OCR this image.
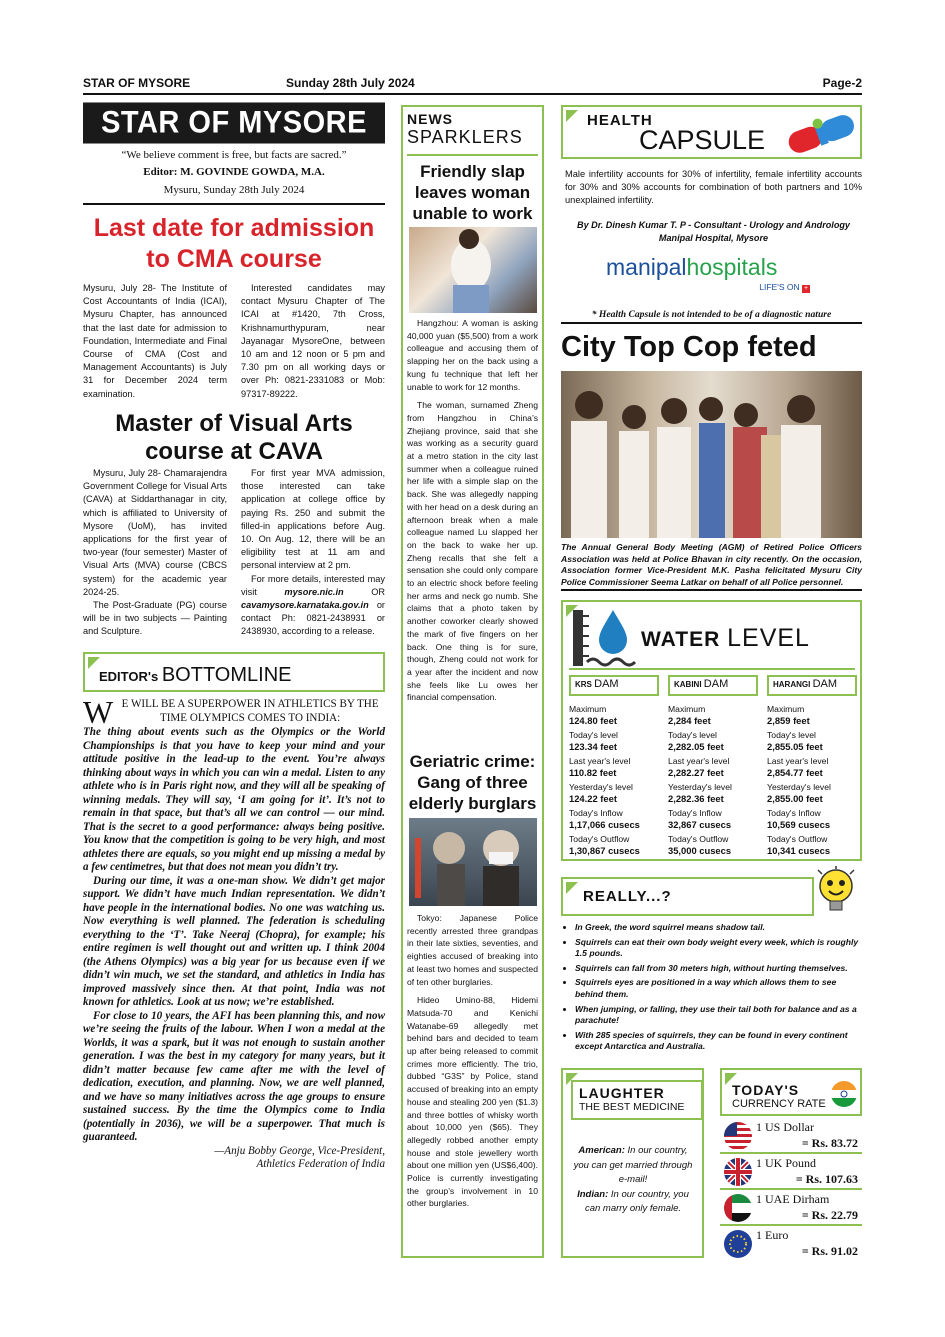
STAR OF MYSORE	Sunday 28th July 2024	Page-2
STAR OF MYSORE
“We believe comment is free, but facts are sacred.”
Editor: M. GOVINDE GOWDA, M.A.
Mysuru, Sunday 28th July 2024
Last date for admission
to CMA course

Mysuru, July 28- The Institute of Cost Accountants of India (ICAI), Mysuru Chapter, has announced that the last date for admission to Foundation, Intermediate and Final Course of CMA (Cost and Management Accountants) is July 31 for December 2024 term examination.

Interested candidates may contact Mysuru Chapter of The ICAI at #1420, 7th Cross, Krishnamurthypuram, near Jayanagar MysoreOne, between 10 am and 12 noon or 5 pm and 7.30 pm on all working days or over Ph: 0821-2331083 or Mob: 97317-89222.

Master of Visual Arts
course at CAVA

Mysuru, July 28- Chamarajendra Government College for Visual Arts (CAVA) at Siddarthanagar in city, which is affiliated to University of Mysore (UoM), has invited applications for the first year of two-year (four semester) Master of Visual Arts (MVA) course (CBCS system) for the academic year 2024-25.

The Post-Graduate (PG) course will be in two subjects — Painting and Sculpture.

For first year MVA admission, those interested can take application at college office by paying Rs. 250 and submit the filled-in applications before Aug. 10. On Aug. 12, there will be an eligibility test at 11 am and personal interview at 2 pm.

For more details, interested may visit mysore.nic.in OR cavamysore.karnataka.gov.in or contact Ph: 0821-2438931 or 2438930, according to a release.

EDITOR's BOTTOMLINE

W E WILL BE A SUPERPOWER IN ATHLETICS BY THE TIME OLYMPICS COMES TO INDIA:

The thing about events such as the Olympics or the World Championships is that you have to keep your mind and your attitude positive in the lead-up to the event. You’re always thinking about ways in which you can win a medal. Listen to any athlete who is in Paris right now, and they will all be speaking of winning medals. They will say, ‘I am going for it’. It’s not to remain in that space, but that’s all we can control — our mind. That is the secret to a good performance: always being positive. You know that the competition is going to be very high, and most athletes there are equals, so you might end up missing a medal by a few centimetres, but that does not mean you didn’t try.

During our time, it was a one-man show. We didn’t get major support. We didn’t have much Indian representation. We didn’t have people in the international bodies. No one was watching us. Now everything is well planned. The federation is scheduling everything to the ‘T’. Take Neeraj (Chopra), for example; his entire regimen is well thought out and written up. I think 2004 (the Athens Olympics) was a big year for us because even if we didn’t win much, we set the standard, and athletics in India has improved massively since then. At that point, India was not known for athletics. Look at us now; we’re established.

For close to 10 years, the AFI has been planning this, and now we’re seeing the fruits of the labour. When I won a medal at the Worlds, it was a spark, but it was not enough to sustain another generation. I was the best in my category for many years, but it didn’t matter because few came after me with the level of dedication, execution, and planning. Now, we are well planned, and we have so many initiatives across the age groups to ensure sustained success. By the time the Olympics come to India (potentially in 2036), we will be a superpower. That much is guaranteed.

—Anju Bobby George, Vice-President,

Athletics Federation of India

NEWS
SPARKLERS
Friendly slap leaves woman unable to work

Hangzhou: A woman is asking 40,000 yuan ($5,500) from a work colleague and accusing them of slapping her on the back using a kung fu technique that left her unable to work for 12 months.

The woman, surnamed Zheng from Hangzhou in China’s Zhejiang province, said that she was working as a security guard at a metro station in the city last summer when a colleague ruined her life with a simple slap on the back. She was allegedly napping with her head on a desk during an afternoon break when a male colleague named Lu slapped her on the back to wake her up. Zheng recalls that she felt a sensation she could only compare to an electric shock before feeling her arms and neck go numb. She claims that a photo taken by another coworker clearly showed the mark of five fingers on her back. One thing is for sure, though, Zheng could not work for a year after the incident and now she feels like Lu owes her financial compensation.

Geriatric crime: Gang of three elderly burglars

Tokyo: Japanese Police recently arrested three grandpas in their late sixties, seventies, and eighties accused of breaking into at least two homes and suspected of ten other burglaries.

Hideo Umino-88, Hidemi Matsuda-70 and Kenichi Watanabe-69 allegedly met behind bars and decided to team up after being released to commit crimes more efficiently. The trio, dubbed “G3S” by Police, stand accused of breaking into an empty house and stealing 200 yen ($1.3) and three bottles of whisky worth about 10,000 yen ($65). They allegedly robbed another empty house and stole jewellery worth about one million yen (US$6,400). Police is currently investigating the group’s involvement in 10 other burglaries.

HEALTH
CAPSULE

Male infertility accounts for 30% of infertility, female infertility accounts for 30% and 30% accounts for combination of both partners and 10% unexplained infertility.

By Dr. Dinesh Kumar T. P - Consultant - Urology and Andrology
Manipal Hospital, Mysore
manipalhospitals
LIFE'S ON +
* Health Capsule is not intended to be of a diagnostic nature
City Top Cop feted

The Annual General Body Meeting (AGM) of Retired Police Officers Association was held at Police Bhavan in city recently. On the occasion, Association former Vice-President M.K. Pasha felicitated Mysuru City Police Commissioner Seema Latkar on behalf of all Police personnel.

WATER LEVEL
KRS DAM
Maximum
124.80 feet
Today's level
123.34 feet
Last year's level
110.82 feet
Yesterday's level
124.22 feet
Today's Inflow
1,17,066 cusecs
Today's Outflow
1,30,867 cusecs
KABINI DAM
Maximum
2,284 feet
Today's level
2,282.05 feet
Last year's level
2,282.27 feet
Yesterday's level
2,282.36 feet
Today's Inflow
32,867 cusecs
Today's Outflow
35,000 cusecs
HARANGI DAM
Maximum
2,859 feet
Today's level
2,855.05 feet
Last year's level
2,854.77 feet
Yesterday's level
2,855.00 feet
Today's Inflow
10,569 cusecs
Today's Outflow
10,341 cusecs
REALLY...?
• In Greek, the word squirrel means shadow tail.
• Squirrels can eat their own body weight every week, which is roughly 1.5 pounds.
• Squirrels can fall from 30 meters high, without hurting themselves.
• Squirrels eyes are positioned in a way which allows them to see behind them.
• When jumping, or falling, they use their tail both for balance and as a parachute!
• With 285 species of squirrels, they can be found in every continent except Antarctica and Australia.
LAUGHTER
THE BEST MEDICINE

American: In our country, you can get married through e-mail!

Indian: In our country, you can marry only female.

TODAY'S
CURRENCY RATE
1 US Dollar
= Rs. 83.72
1 UK Pound
= Rs. 107.63
1 UAE Dirham
= Rs. 22.79
1 Euro
= Rs. 91.02
